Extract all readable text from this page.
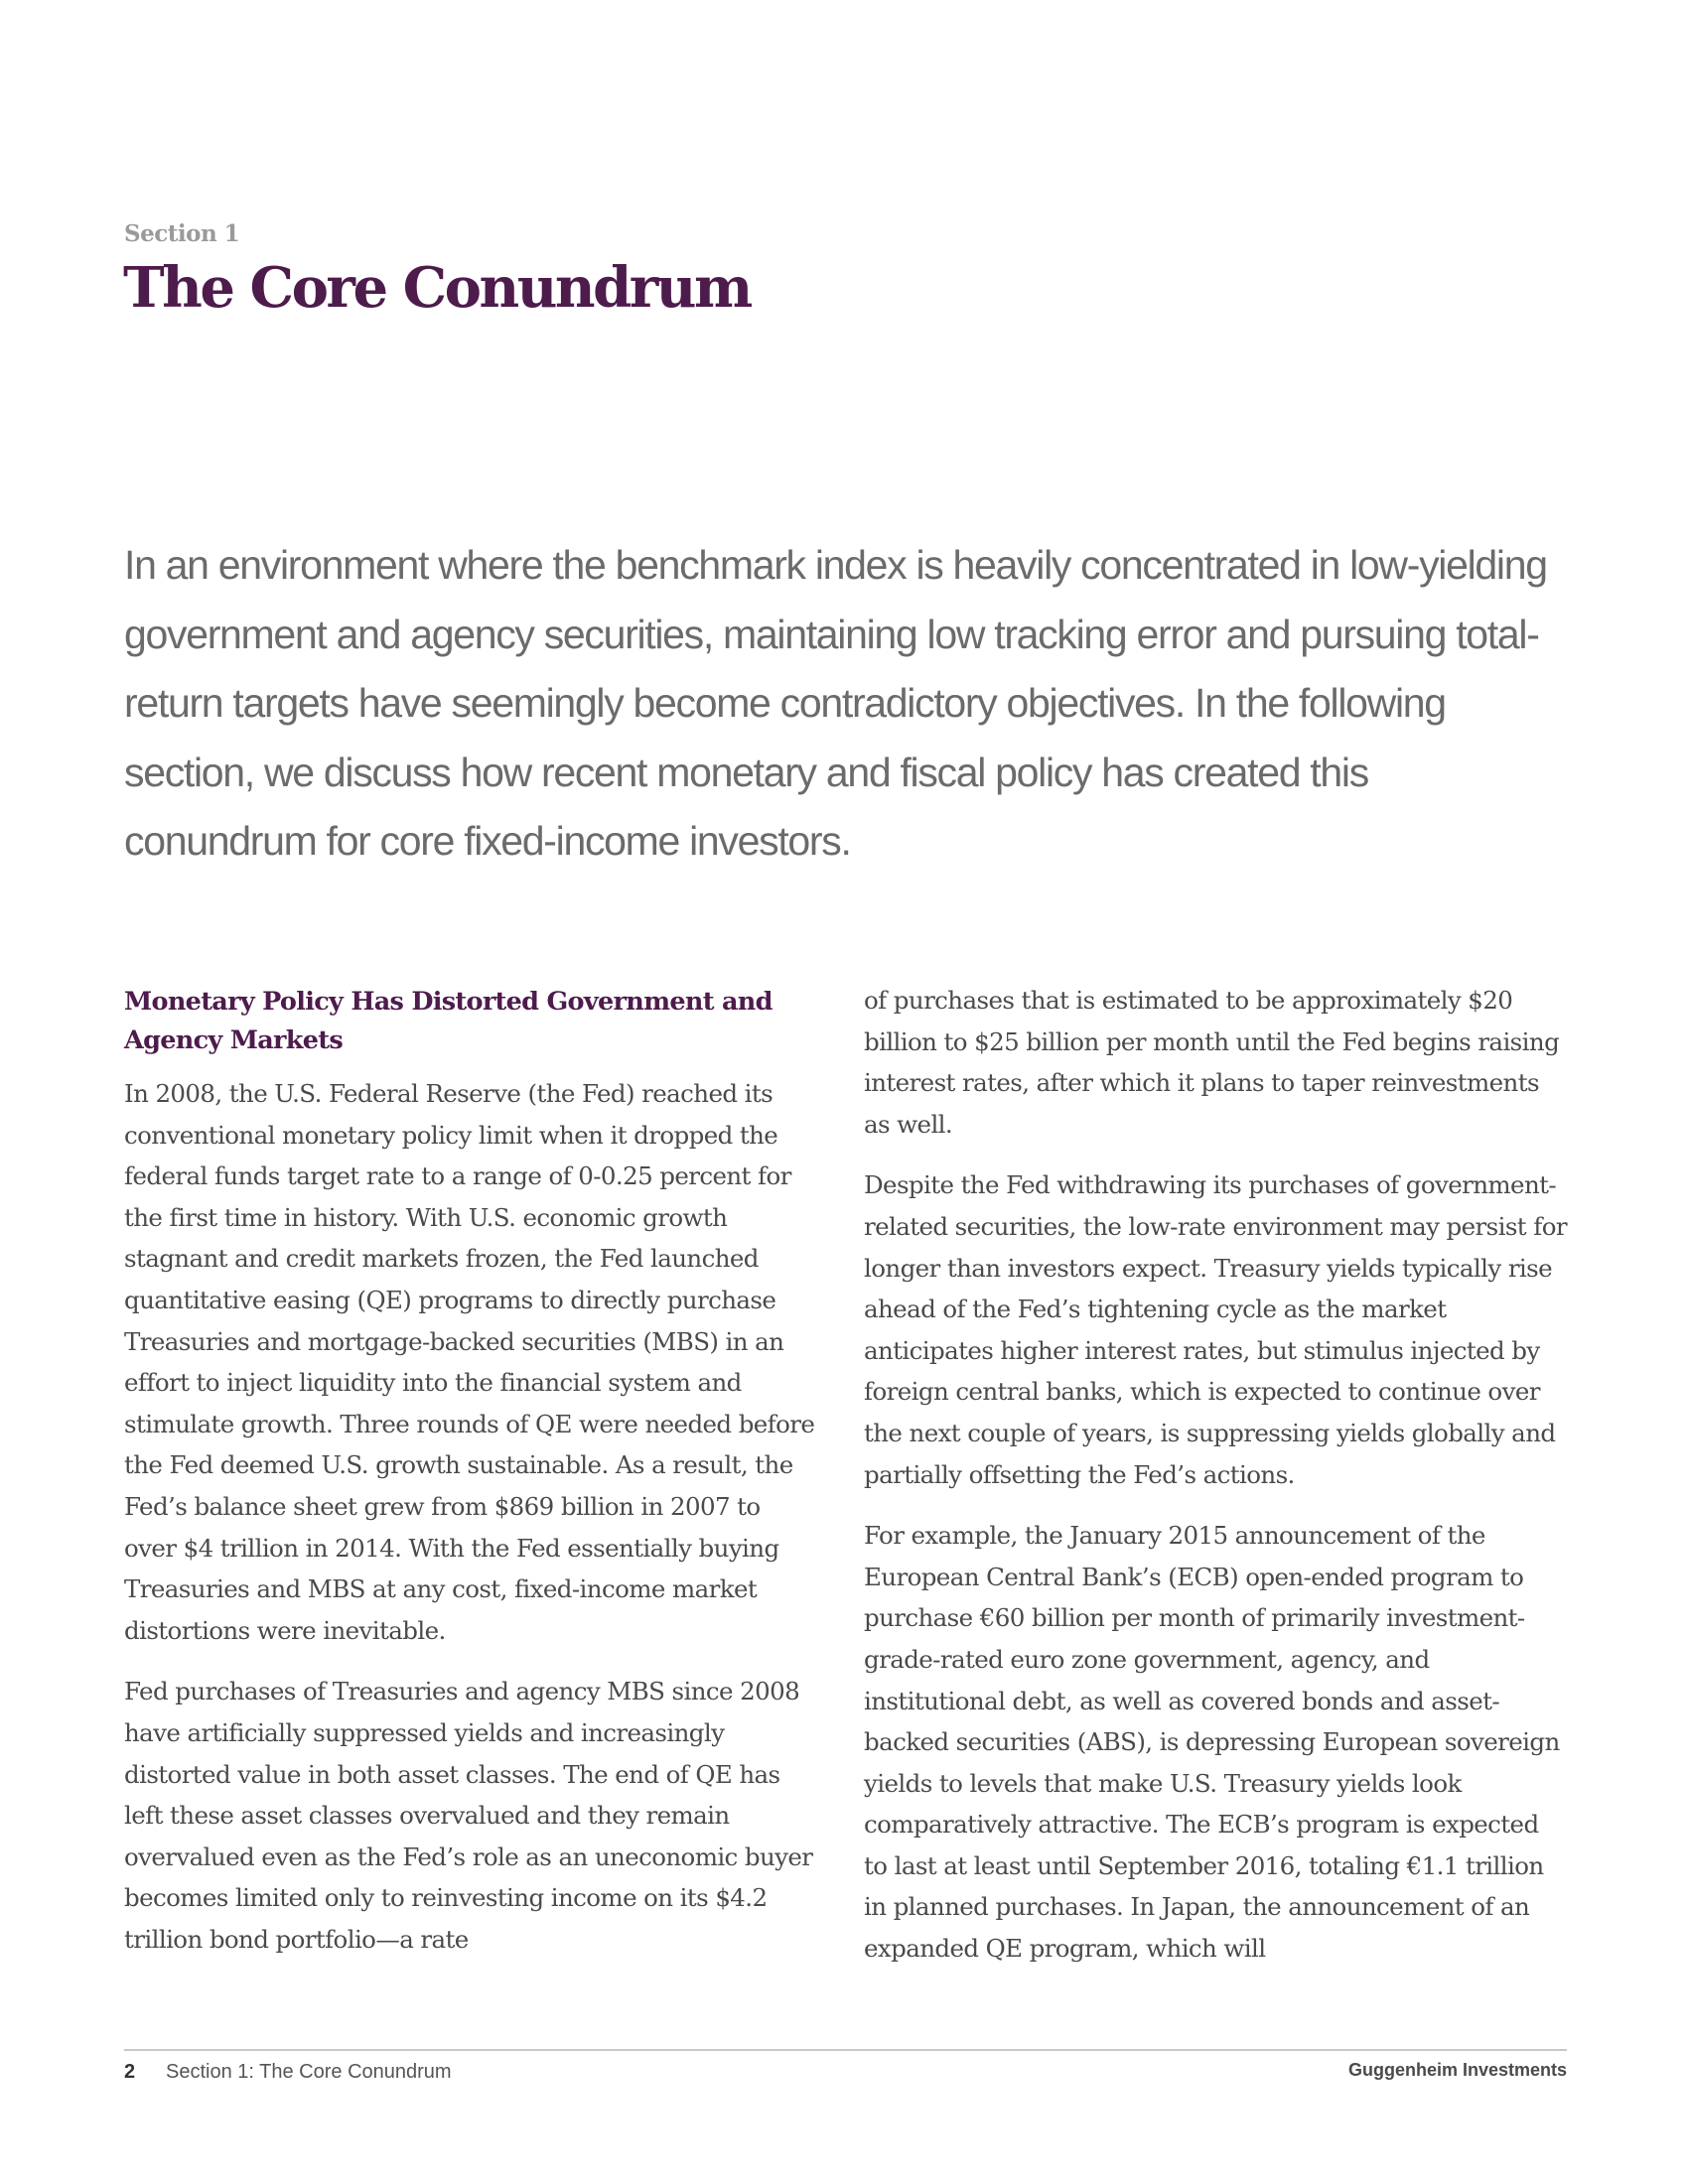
Section 1
The Core Conundrum

In an environment where the benchmark index is heavily concentrated in low-yielding government and agency securities, maintaining low tracking error and pursuing total-return targets have seemingly become contradictory objectives. In the following section, we discuss how recent monetary and fiscal policy has created this conundrum for core fixed-income investors.

Monetary Policy Has Distorted Government and Agency Markets

In 2008, the U.S. Federal Reserve (the Fed) reached its conventional monetary policy limit when it dropped the federal funds target rate to a range of 0-0.25 percent for the first time in history. With U.S. economic growth stagnant and credit markets frozen, the Fed launched quantitative easing (QE) programs to directly purchase Treasuries and mortgage-backed securities (MBS) in an effort to inject liquidity into the financial system and stimulate growth. Three rounds of QE were needed before the Fed deemed U.S. growth sustainable. As a result, the Fed’s balance sheet grew from $869 billion in 2007 to over $4 trillion in 2014. With the Fed essentially buying Treasuries and MBS at any cost, fixed-income market distortions were inevitable.

Fed purchases of Treasuries and agency MBS since 2008 have artificially suppressed yields and increasingly distorted value in both asset classes. The end of QE has left these asset classes overvalued and they remain overvalued even as the Fed’s role as an uneconomic buyer becomes limited only to reinvesting income on its $4.2 trillion bond portfolio—a rate

of purchases that is estimated to be approximately $20 billion to $25 billion per month until the Fed begins raising interest rates, after which it plans to taper reinvestments as well.

Despite the Fed withdrawing its purchases of government-related securities, the low-rate environment may persist for longer than investors expect. Treasury yields typically rise ahead of the Fed’s tightening cycle as the market anticipates higher interest rates, but stimulus injected by foreign central banks, which is expected to continue over the next couple of years, is suppressing yields globally and partially offsetting the Fed’s actions.

For example, the January 2015 announcement of the European Central Bank’s (ECB) open-ended program to purchase €60 billion per month of primarily investment-grade-rated euro zone government, agency, and institutional debt, as well as covered bonds and asset-backed securities (ABS), is depressing European sovereign yields to levels that make U.S. Treasury yields look comparatively attractive. The ECB’s program is expected to last at least until September 2016, totaling €1.1 trillion in planned purchases. In Japan, the announcement of an expanded QE program, which will

2 Section 1: The Core Conundrum	Guggenheim Investments
